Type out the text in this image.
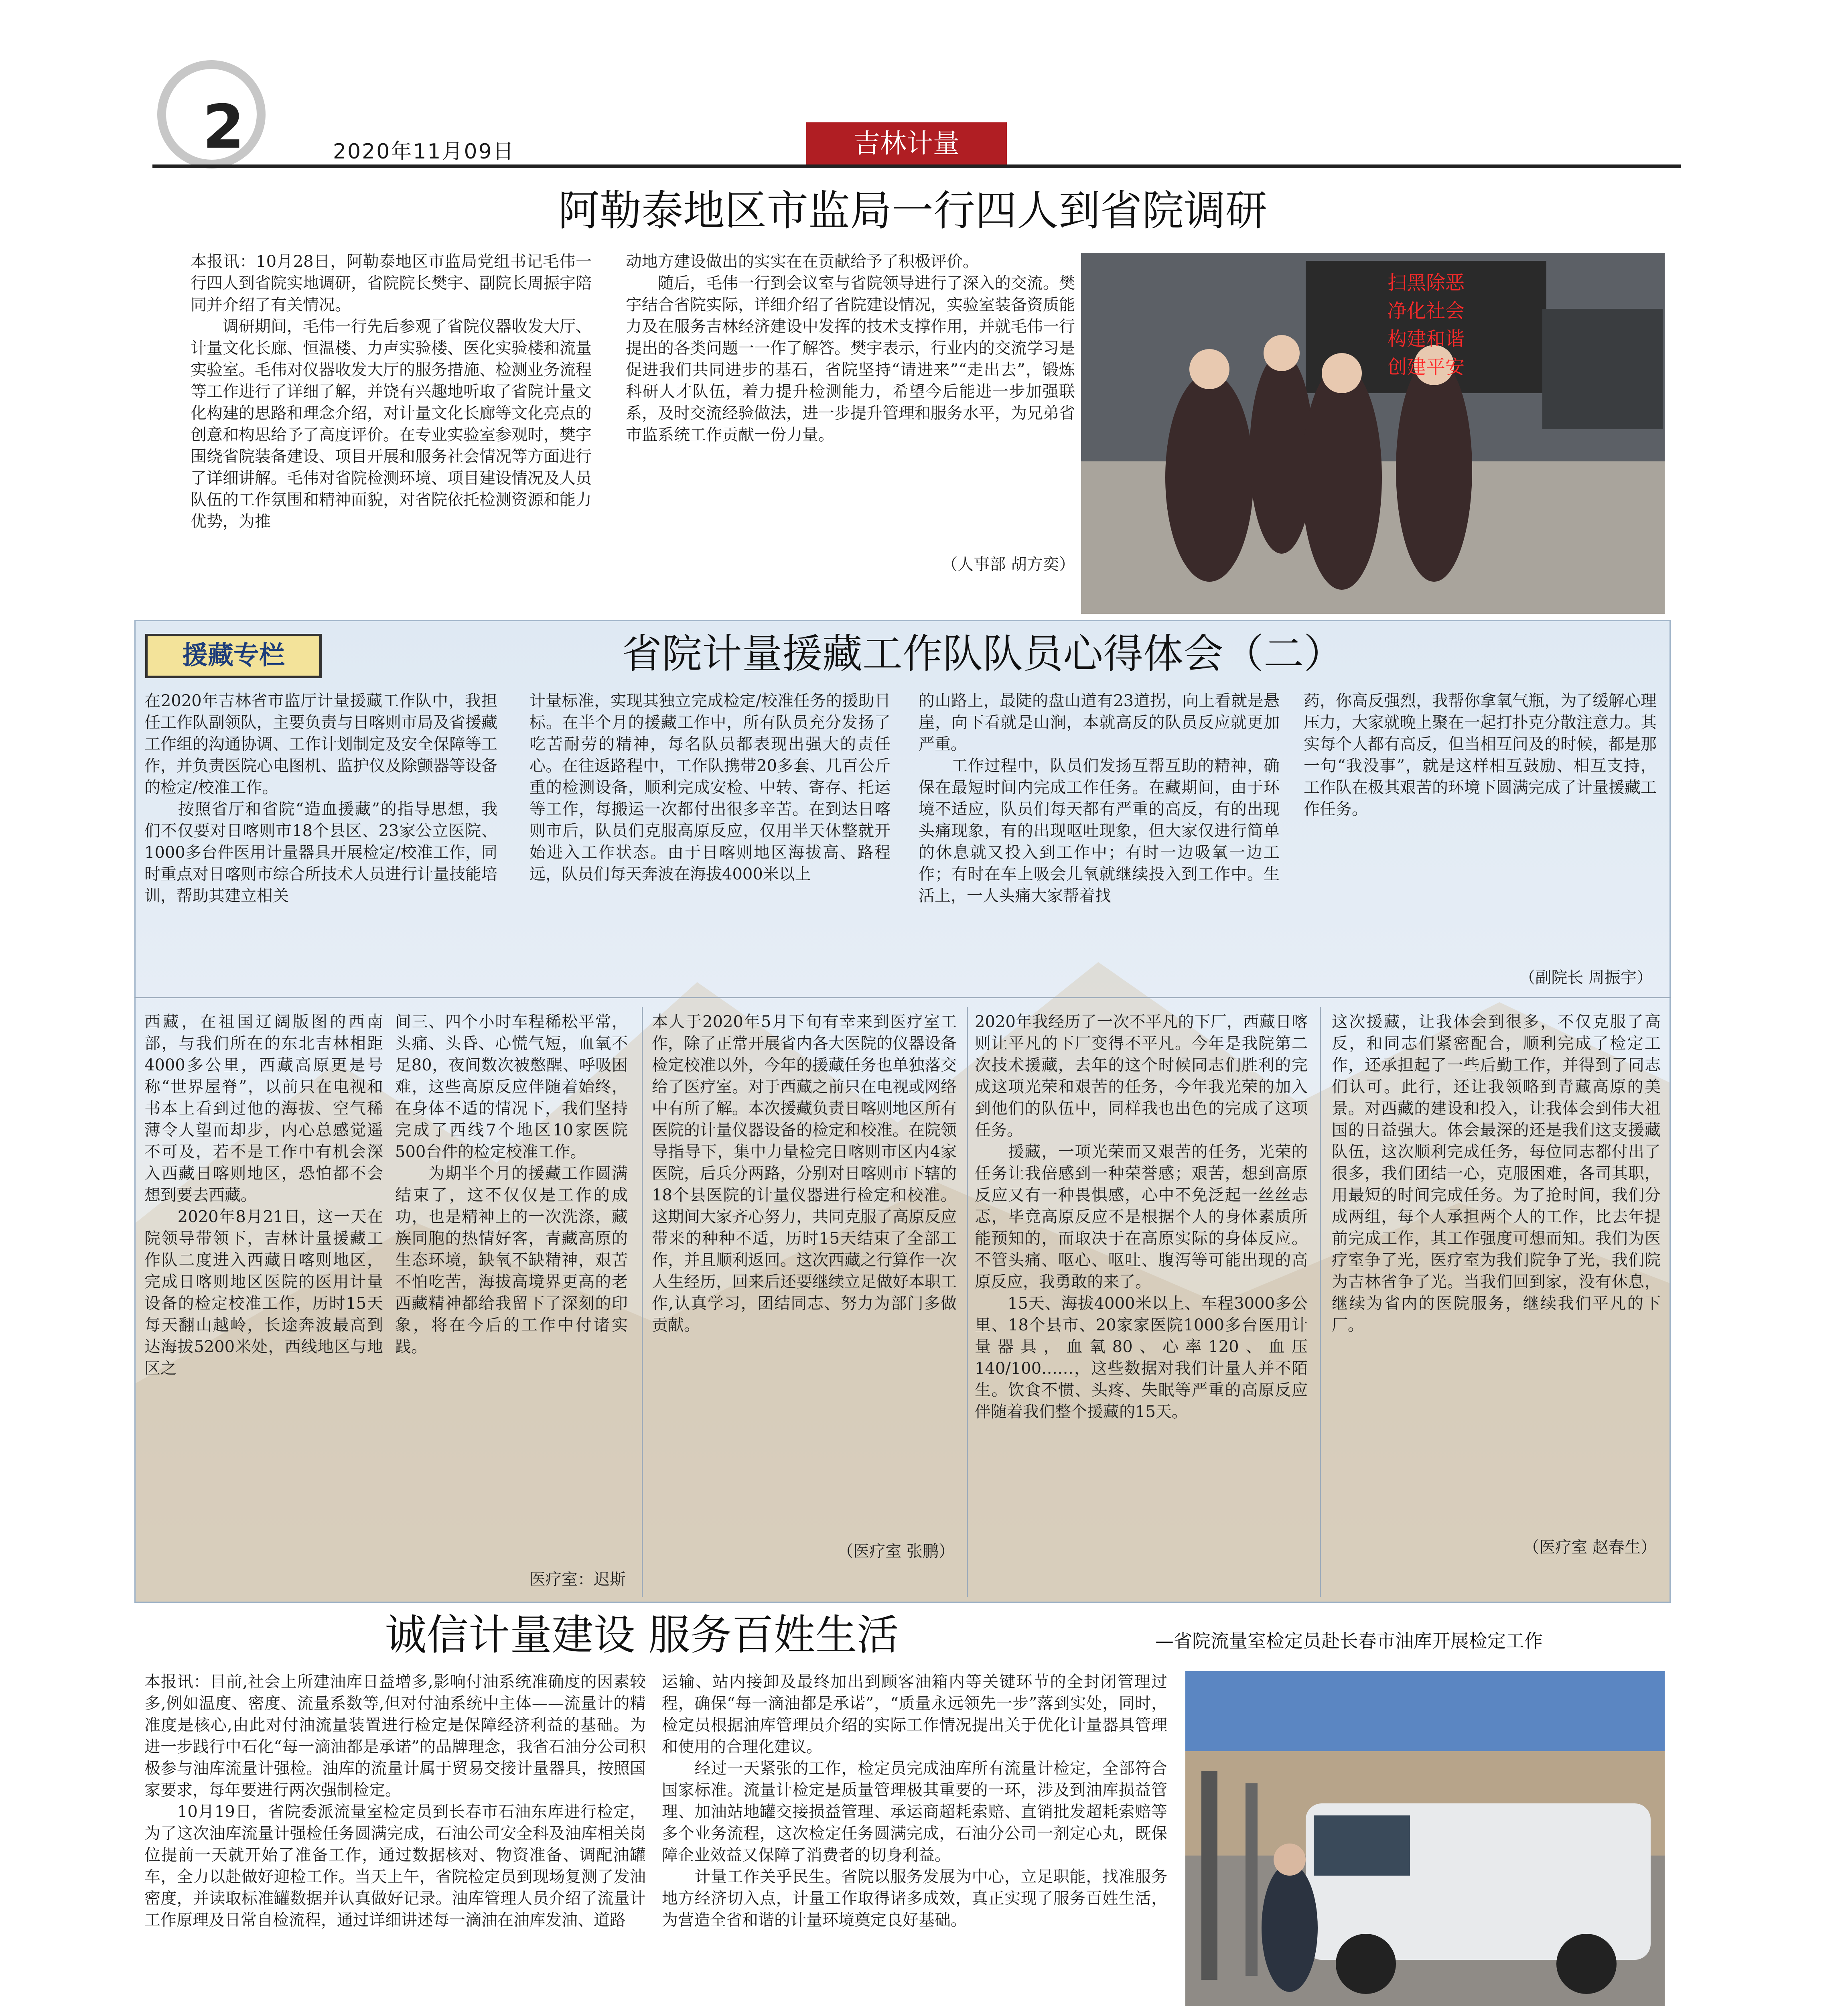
2	2020年11月09日	吉林计量
阿勒泰地区市监局一行四人到省院调研
本报讯：10月28日，阿勒泰地区市监局党组书记毛伟一行四人到省院实地调研，省院院长樊宇、副院长周振宇陪同并介绍了有关情况。
　　调研期间，毛伟一行先后参观了省院仪器收发大厅、计量文化长廊、恒温楼、力声实验楼、医化实验楼和流量实验室。毛伟对仪器收发大厅的服务措施、检测业务流程等工作进行了详细了解，并饶有兴趣地听取了省院计量文化构建的思路和理念介绍，对计量文化长廊等文化亮点的创意和构思给予了高度评价。在专业实验室参观时，樊宇围绕省院装备建设、项目开展和服务社会情况等方面进行了详细讲解。毛伟对省院检测环境、项目建设情况及人员队伍的工作氛围和精神面貌，对省院依托检测资源和能力优势，为推
动地方建设做出的实实在在贡献给予了积极评价。
　　随后，毛伟一行到会议室与省院领导进行了深入的交流。樊宇结合省院实际，详细介绍了省院建设情况，实验室装备资质能力及在服务吉林经济建设中发挥的技术支撑作用，并就毛伟一行提出的各类问题一一作了解答。樊宇表示，行业内的交流学习是促进我们共同进步的基石，省院坚持“请进来”“走出去”，锻炼科研人才队伍，着力提升检测能力，希望今后能进一步加强联系，及时交流经验做法，进一步提升管理和服务水平，为兄弟省市监系统工作贡献一份力量。
（人事部 胡方奕）
扫黑除恶
净化社会
构建和谐
创建平安
援藏专栏	省院计量援藏工作队队员心得体会（二）
在2020年吉林省市监厅计量援藏工作队中，我担任工作队副领队，主要负责与日喀则市局及省援藏工作组的沟通协调、工作计划制定及安全保障等工作，并负责医院心电图机、监护仪及除颤器等设备的检定/校准工作。
　　按照省厅和省院“造血援藏”的指导思想，我们不仅要对日喀则市18个县区、23家公立医院、1000多台件医用计量器具开展检定/校准工作，同时重点对日喀则市综合所技术人员进行计量技能培训，帮助其建立相关
计量标准，实现其独立完成检定/校准任务的援助目标。在半个月的援藏工作中，所有队员充分发扬了吃苦耐劳的精神，每名队员都表现出强大的责任心。在往返路程中，工作队携带20多套、几百公斤重的检测设备，顺利完成安检、中转、寄存、托运等工作，每搬运一次都付出很多辛苦。在到达日喀则市后，队员们克服高原反应，仅用半天休整就开始进入工作状态。由于日喀则地区海拔高、路程远，队员们每天奔波在海拔4000米以上
的山路上，最陡的盘山道有23道拐，向上看就是悬崖，向下看就是山涧，本就高反的队员反应就更加严重。
　　工作过程中，队员们发扬互帮互助的精神，确保在最短时间内完成工作任务。在藏期间，由于环境不适应，队员们每天都有严重的高反，有的出现头痛现象，有的出现呕吐现象，但大家仅进行简单的休息就又投入到工作中；有时一边吸氧一边工作；有时在车上吸会儿氧就继续投入到工作中。生活上，一人头痛大家帮着找
药，你高反强烈，我帮你拿氧气瓶，为了缓解心理压力，大家就晚上聚在一起打扑克分散注意力。其实每个人都有高反，但当相互问及的时候，都是那一句“我没事”，就是这样相互鼓励、相互支持，工作队在极其艰苦的环境下圆满完成了计量援藏工作任务。
（副院长 周振宇）
西藏，在祖国辽阔版图的西南部，与我们所在的东北吉林相距4000多公里，西藏高原更是号称“世界屋脊”，以前只在电视和书本上看到过他的海拔、空气稀薄令人望而却步，内心总感觉遥不可及，若不是工作中有机会深入西藏日喀则地区，恐怕都不会想到要去西藏。
　　2020年8月21日，这一天在院领导带领下，吉林计量援藏工作队二度进入西藏日喀则地区，完成日喀则地区医院的医用计量设备的检定校准工作，历时15天每天翻山越岭，长途奔波最高到达海拔5200米处，西线地区与地区之
间三、四个小时车程稀松平常，头痛、头昏、心慌气短，血氧不足80，夜间数次被憋醒、呼吸困难，这些高原反应伴随着始终，在身体不适的情况下，我们坚持完成了西线7个地区10家医院500台件的检定校准工作。
　　为期半个月的援藏工作圆满结束了，这不仅仅是工作的成功，也是精神上的一次洗涤，藏族同胞的热情好客，青藏高原的生态环境，缺氧不缺精神，艰苦不怕吃苦，海拔高境界更高的老西藏精神都给我留下了深刻的印象，将在今后的工作中付诸实践。
医疗室：迟斯
本人于2020年5月下旬有幸来到医疗室工作，除了正常开展省内各大医院的仪器设备检定校准以外，今年的援藏任务也单独落交给了医疗室。对于西藏之前只在电视或网络中有所了解。本次援藏负责日喀则地区所有医院的计量仪器设备的检定和校准。在院领导指导下，集中力量检完日喀则市区内4家医院，后兵分两路，分别对日喀则市下辖的18个县医院的计量仪器进行检定和校准。这期间大家齐心努力，共同克服了高原反应带来的种种不适，历时15天结束了全部工作，并且顺利返回。这次西藏之行算作一次人生经历，回来后还要继续立足做好本职工作,认真学习，团结同志、努力为部门多做贡献。
（医疗室 张鹏）
2020年我经历了一次不平凡的下厂，西藏日喀则让平凡的下厂变得不平凡。今年是我院第二次技术援藏，去年的这个时候同志们胜利的完成这项光荣和艰苦的任务，今年我光荣的加入到他们的队伍中，同样我也出色的完成了这项任务。
　　援藏，一项光荣而又艰苦的任务，光荣的任务让我倍感到一种荣誉感；艰苦，想到高原反应又有一种畏惧感，心中不免泛起一丝丝忐忑，毕竟高原反应不是根据个人的身体素质所能预知的，而取决于在高原实际的身体反应。不管头痛、呕心、呕吐、腹泻等可能出现的高原反应，我勇敢的来了。
　　15天、海拔4000米以上、车程3000多公里、18个县市、20家家医院1000多台医用计量器具，血氧80、心率120、血压140/100……，这些数据对我们计量人并不陌生。饮食不惯、头疼、失眠等严重的高原反应伴随着我们整个援藏的15天。
这次援藏，让我体会到很多，不仅克服了高反，和同志们紧密配合，顺利完成了检定工作，还承担起了一些后勤工作，并得到了同志们认可。此行，还让我领略到青藏高原的美景。对西藏的建设和投入，让我体会到伟大祖国的日益强大。体会最深的还是我们这支援藏队伍，这次顺利完成任务，每位同志都付出了很多，我们团结一心，克服困难，各司其职，用最短的时间完成任务。为了抢时间，我们分成两组，每个人承担两个人的工作，比去年提前完成工作，其工作强度可想而知。我们为医疗室争了光，医疗室为我们院争了光，我们院为吉林省争了光。当我们回到家，没有休息，继续为省内的医院服务，继续我们平凡的下厂。
（医疗室 赵春生）
诚信计量建设 服务百姓生活	—省院流量室检定员赴长春市油库开展检定工作
本报讯：目前,社会上所建油库日益增多,影响付油系统准确度的因素较多,例如温度、密度、流量系数等,但对付油系统中主体——流量计的精准度是核心,由此对付油流量装置进行检定是保障经济利益的基础。为进一步践行中石化“每一滴油都是承诺”的品牌理念，我省石油分公司积极参与油库流量计强检。油库的流量计属于贸易交接计量器具，按照国家要求，每年要进行两次强制检定。
　　10月19日，省院委派流量室检定员到长春市石油东库进行检定，为了这次油库流量计强检任务圆满完成，石油公司安全科及油库相关岗位提前一天就开始了准备工作，通过数据核对、物资准备、调配油罐车，全力以赴做好迎检工作。当天上午，省院检定员到现场复测了发油密度，并读取标准罐数据并认真做好记录。油库管理人员介绍了流量计工作原理及日常自检流程，通过详细讲述每一滴油在油库发油、道路
运输、站内接卸及最终加出到顾客油箱内等关键环节的全封闭管理过程，确保“每一滴油都是承诺”，“质量永远领先一步”落到实处，同时，检定员根据油库管理员介绍的实际工作情况提出关于优化计量器具管理和使用的合理化建议。
　　经过一天紧张的工作，检定员完成油库所有流量计检定，全部符合国家标准。流量计检定是质量管理极其重要的一环，涉及到油库损益管理、加油站地罐交接损益管理、承运商超耗索赔、直销批发超耗索赔等多个业务流程，这次检定任务圆满完成，石油分公司一剂定心丸，既保障企业效益又保障了消费者的切身利益。
　　计量工作关乎民生。省院以服务发展为中心，立足职能，找准服务地方经济切入点，计量工作取得诸多成效，真正实现了服务百姓生活，为营造全省和谐的计量环境奠定良好基础。
